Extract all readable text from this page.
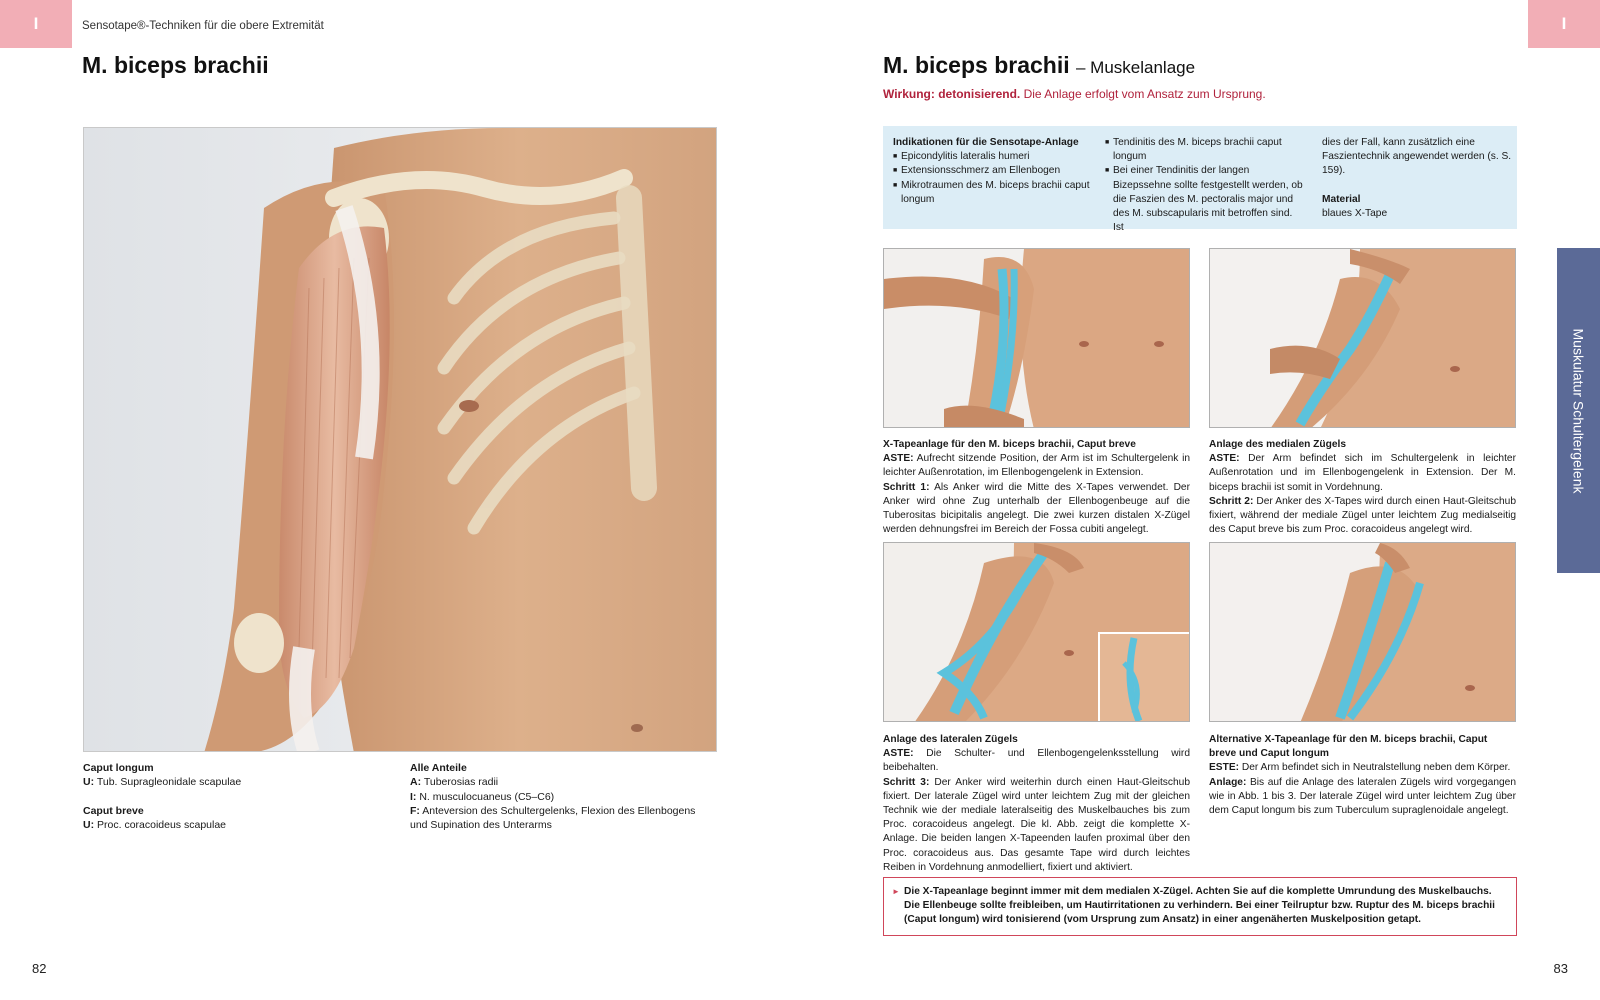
I	I
Sensotape®-Techniken für die obere Extremität
M. biceps brachii
Caput longum
U: Tub. Supragleonidale scapulae
Caput breve
U: Proc. coracoideus scapulae
Alle Anteile
A: Tuberosias radii
I: N. musculocuaneus (C5–C6)
F: Anteversion des Schultergelenks, Flexion des Ellenbogens und Supination des Unterarms
82
M. biceps brachii – Muskelanlage
Wirkung: detonisierend. Die Anlage erfolgt vom Ansatz zum Ursprung.
Indikationen für die Sensotape-Anlage
■ Epicondylitis lateralis humeri
■ Extensionsschmerz am Ellenbogen
■ Mikrotraumen des M. biceps brachii caput longum
■ Tendinitis des M. biceps brachii caput longum
■ Bei einer Tendinitis der langen Bizepssehne sollte festgestellt werden, ob die Faszien des M. pectoralis major und des M. subscapularis mit betroffen sind. Ist
dies der Fall, kann zusätzlich eine Faszientechnik angewendet werden (s. S. 159).
Material
blaues X-Tape
X-Tapeanlage für den M. biceps brachii, Caput breve
ASTE: Aufrecht sitzende Position, der Arm ist im Schultergelenk in leichter Außenrotation, im Ellenbogengelenk in Extension.
Schritt 1: Als Anker wird die Mitte des X-Tapes verwendet. Der Anker wird ohne Zug unterhalb der Ellenbogenbeuge auf die Tuberositas bicipitalis angelegt. Die zwei kurzen distalen X-Zügel werden dehnungsfrei im Bereich der Fossa cubiti angelegt.
Anlage des medialen Zügels
ASTE: Der Arm befindet sich im Schultergelenk in leichter Außenrotation und im Ellenbogengelenk in Extension. Der M. biceps brachii ist somit in Vordehnung.
Schritt 2: Der Anker des X-Tapes wird durch einen Haut-Gleitschub fixiert, während der mediale Zügel unter leichtem Zug medialseitig des Caput breve bis zum Proc. coracoideus angelegt wird.
Anlage des lateralen Zügels
ASTE: Die Schulter- und Ellenbogengelenksstellung wird beibehalten.
Schritt 3: Der Anker wird weiterhin durch einen Haut-Gleitschub fixiert. Der laterale Zügel wird unter leichtem Zug mit der gleichen Technik wie der mediale lateralseitig des Muskelbauches bis zum Proc. coracoideus angelegt. Die kl. Abb. zeigt die komplette X-Anlage. Die beiden langen X-Tapeenden laufen proximal über den Proc. coracoideus aus. Das gesamte Tape wird durch leichtes Reiben in Vordehnung anmodelliert, fixiert und aktiviert.
Alternative X-Tapeanlage für den M. biceps brachii, Caput breve und Caput longum
ESTE: Der Arm befindet sich in Neutralstellung neben dem Körper.
Anlage: Bis auf die Anlage des lateralen Zügels wird vorgegangen wie in Abb. 1 bis 3. Der laterale Zügel wird unter leichtem Zug über dem Caput longum bis zum Tuberculum supraglenoidale angelegt.
► Die X-Tapeanlage beginnt immer mit dem medialen X-Zügel. Achten Sie auf die komplette Umrundung des Muskelbauchs. Die Ellenbeuge sollte freibleiben, um Hautirritationen zu verhindern. Bei einer Teilruptur bzw. Ruptur des M. biceps brachii (Caput longum) wird tonisierend (vom Ursprung zum Ansatz) in einer angenäherten Muskelposition getapt.
Muskulatur Schultergelenk
83
